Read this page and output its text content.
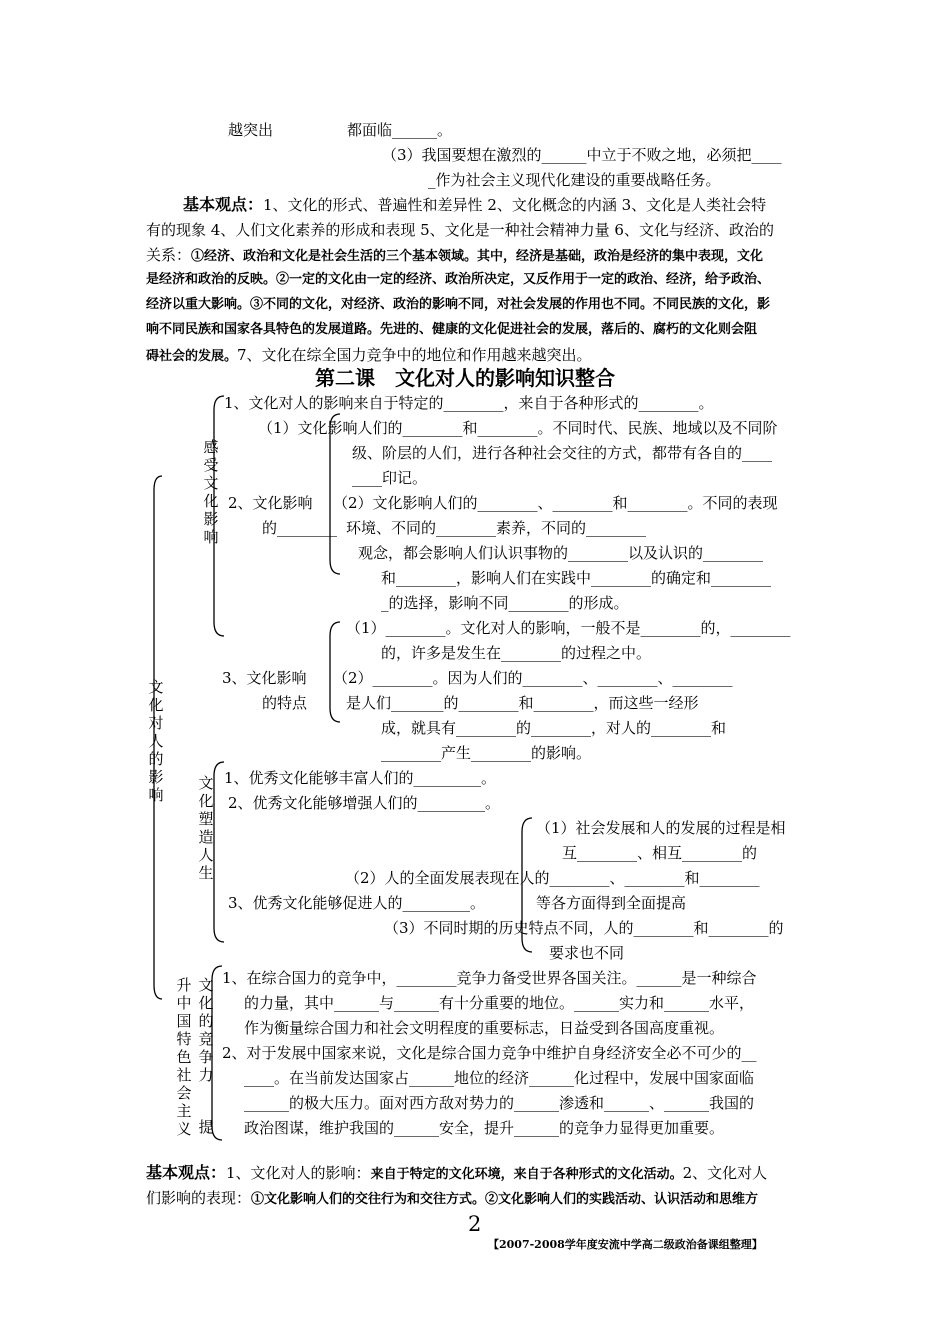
越突出	都面临______。
（3）我国要想在激烈的______中立于不败之地，必须把____
_作为社会主义现代化建设的重要战略任务。
基本观点：1、文化的形式、普遍性和差异性 2、文化概念的内涵 3、文化是人类社会特
有的现象 4、人们文化素养的形成和表现 5、文化是一种社会精神力量 6、文化与经济、政治的
关系：①经济、政治和文化是社会生活的三个基本领域。其中，经济是基础，政治是经济的集中表现，文化
是经济和政治的反映。②一定的文化由一定的经济、政治所决定，又反作用于一定的政治、经济，给予政治、
经济以重大影响。③不同的文化，对经济、政治的影响不同，对社会发展的作用也不同。不同民族的文化，影
响不同民族和国家各具特色的发展道路。先进的、健康的文化促进社会的发展，落后的、腐朽的文化则会阻
碍社会的发展。7、文化在综全国力竞争中的地位和作用越来越突出。
第二课　文化对人的影响知识整合
文化对人的影响
感受文化影响
文化塑造人生
升中国特色社会主义
文化的竞争力
提
1、文化对人的影响来自于特定的________，来自于各种形式的________。
（1）文化影响人们的________和________。不同时代、民族、地域以及不同阶
级、阶层的人们，进行各种社会交往的方式，都带有各自的____
____印记。
2、文化影响
的________
（2）文化影响人们的________、________和________。不同的表现
环境、不同的________素养，不同的________
观念，都会影响人们认识事物的________以及认识的________
和________，影响人们在实践中________的确定和________
_的选择，影响不同________的形成。
（1）________。文化对人的影响，一般不是________的，________
的，许多是发生在________的过程之中。
3、文化影响
的特点
（2）________。因为人们的________、________、________
是人们_______的________和________，而这些一经形
成，就具有________的________，对人的________和
________产生________的影响。
1、优秀文化能够丰富人们的_________。
2、优秀文化能够增强人们的_________。
（1）社会发展和人的发展的过程是相
互________、相互________的
（2）人的全面发展表现在人的________、________和________
3、优秀文化能够促进人的_________。	等各方面得到全面提高
（3）不同时期的历史特点不同，人的________和________的
要求也不同
1、在综合国力的竞争中，________竞争力备受世界各国关注。______是一种综合
的力量，其中______与______有十分重要的地位。______实力和______水平，
作为衡量综合国力和社会文明程度的重要标志，日益受到各国高度重视。
2、对于发展中国家来说，文化是综合国力竞争中维护自身经济安全必不可少的__
____。在当前发达国家占______地位的经济______化过程中，发展中国家面临
______的极大压力。面对西方敌对势力的______渗透和______、______我国的
政治图谋，维护我国的______安全，提升______的竞争力显得更加重要。
基本观点：1、文化对人的影响：来自于特定的文化环境，来自于各种形式的文化活动。2、文化对人
们影响的表现：①文化影响人们的交往行为和交往方式。②文化影响人们的实践活动、认识活动和思维方
2
【2007-2008学年度安流中学高二级政治备课组整理】
